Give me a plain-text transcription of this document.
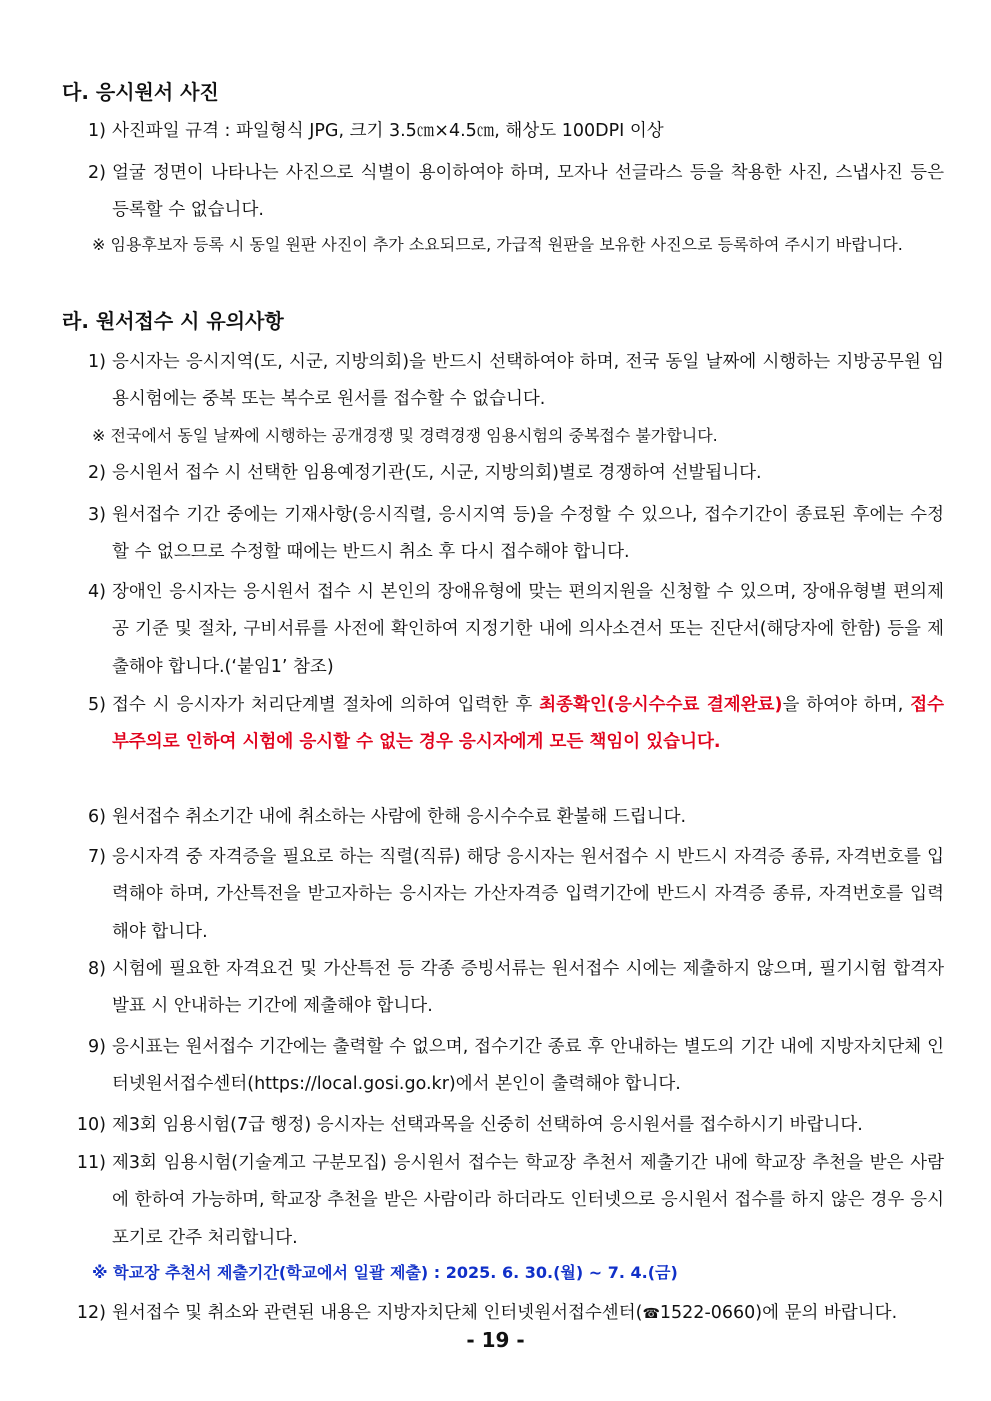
다. 응시원서 사진
1) 사진파일 규격 : 파일형식 JPG, 크기 3.5㎝×4.5㎝, 해상도 100DPI 이상
2) 얼굴 정면이 나타나는 사진으로 식별이 용이하여야 하며, 모자나 선글라스 등을 착용한 사진, 스냅사진 등은 등록할 수 없습니다.
※ 임용후보자 등록 시 동일 원판 사진이 추가 소요되므로, 가급적 원판을 보유한 사진으로 등록하여 주시기 바랍니다.
라. 원서접수 시 유의사항
1) 응시자는 응시지역(도, 시군, 지방의회)을 반드시 선택하여야 하며, 전국 동일 날짜에 시행하는 지방공무원 임용시험에는 중복 또는 복수로 원서를 접수할 수 없습니다.
※ 전국에서 동일 날짜에 시행하는 공개경쟁 및 경력경쟁 임용시험의 중복접수 불가합니다.
2) 응시원서 접수 시 선택한 임용예정기관(도, 시군, 지방의회)별로 경쟁하여 선발됩니다.
3) 원서접수 기간 중에는 기재사항(응시직렬, 응시지역 등)을 수정할 수 있으나, 접수기간이 종료된 후에는 수정할 수 없으므로 수정할 때에는 반드시 취소 후 다시 접수해야 합니다.
4) 장애인 응시자는 응시원서 접수 시 본인의 장애유형에 맞는 편의지원을 신청할 수 있으며, 장애유형별 편의제공 기준 및 절차, 구비서류를 사전에 확인하여 지정기한 내에 의사소견서 또는 진단서(해당자에 한함) 등을 제출해야 합니다.(‘붙임1’ 참조)
5) 접수 시 응시자가 처리단계별 절차에 의하여 입력한 후 최종확인(응시수수료 결제완료)을 하여야 하며, 접수 부주의로 인하여 시험에 응시할 수 없는 경우 응시자에게 모든 책임이 있습니다.
6) 원서접수 취소기간 내에 취소하는 사람에 한해 응시수수료 환불해 드립니다.
7) 응시자격 중 자격증을 필요로 하는 직렬(직류) 해당 응시자는 원서접수 시 반드시 자격증 종류, 자격번호를 입력해야 하며, 가산특전을 받고자하는 응시자는 가산자격증 입력기간에 반드시 자격증 종류, 자격번호를 입력해야 합니다.
8) 시험에 필요한 자격요건 및 가산특전 등 각종 증빙서류는 원서접수 시에는 제출하지 않으며, 필기시험 합격자 발표 시 안내하는 기간에 제출해야 합니다.
9) 응시표는 원서접수 기간에는 출력할 수 없으며, 접수기간 종료 후 안내하는 별도의 기간 내에 지방자치단체 인터넷원서접수센터(https://local.gosi.go.kr)에서 본인이 출력해야 합니다.
10) 제3회 임용시험(7급 행정) 응시자는 선택과목을 신중히 선택하여 응시원서를 접수하시기 바랍니다.
11) 제3회 임용시험(기술계고 구분모집) 응시원서 접수는 학교장 추천서 제출기간 내에 학교장 추천을 받은 사람에 한하여 가능하며, 학교장 추천을 받은 사람이라 하더라도 인터넷으로 응시원서 접수를 하지 않은 경우 응시포기로 간주 처리합니다.
※ 학교장 추천서 제출기간(학교에서 일괄 제출) : 2025. 6. 30.(월) ~ 7. 4.(금)
12) 원서접수 및 취소와 관련된 내용은 지방자치단체 인터넷원서접수센터(☎1522-0660)에 문의 바랍니다.
- 19 -
